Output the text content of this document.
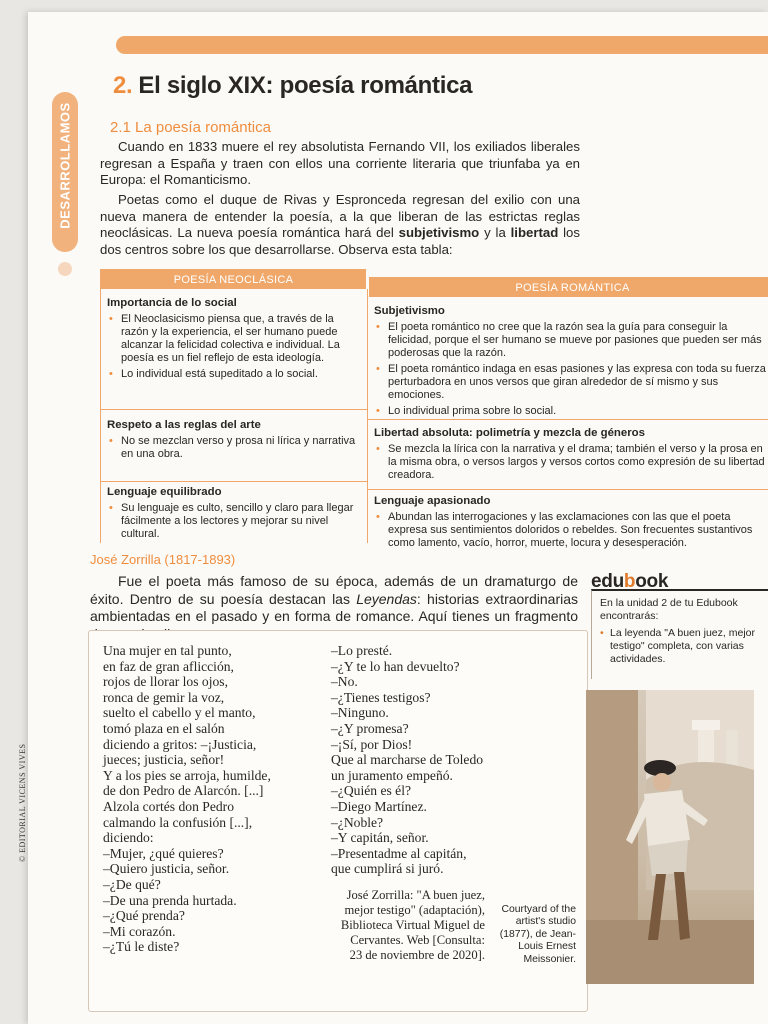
DESARROLLAMOS
2. El siglo XIX: poesía romántica
2.1 La poesía romántica
Cuando en 1833 muere el rey absolutista Fernando VII, los exiliados liberales regresan a España y traen con ellos una corriente literaria que triunfaba ya en Europa: el Romanticismo.
Poetas como el duque de Rivas y Espronceda regresan del exilio con una nueva manera de entender la poesía, a la que liberan de las estrictas reglas neoclásicas. La nueva poesía romántica hará del subjetivismo y la libertad los dos centros sobre los que desarrollarse. Observa esta tabla:
POESÍA NEOCLÁSICA
POESÍA ROMÁNTICA
Importancia de lo social
• El Neoclasicismo piensa que, a través de la razón y la experiencia, el ser humano puede alcanzar la felicidad colectiva e individual. La poesía es un fiel reflejo de esta ideología.
• Lo individual está supeditado a lo social.
Subjetivismo
• El poeta romántico no cree que la razón sea la guía para conseguir la felicidad, porque el ser humano se mueve por pasiones que pueden ser más poderosas que la razón.
• El poeta romántico indaga en esas pasiones y las expresa con toda su fuerza perturbadora en unos versos que giran alrededor de sí mismo y sus emociones.
• Lo individual prima sobre lo social.
Respeto a las reglas del arte
• No se mezclan verso y prosa ni lírica y narrativa en una obra.
Libertad absoluta: polimetría y mezcla de géneros
• Se mezcla la lírica con la narrativa y el drama; también el verso y la prosa en la misma obra, o versos largos y versos cortos como expresión de su libertad creadora.
Lenguaje equilibrado
• Su lenguaje es culto, sencillo y claro para llegar fácilmente a los lectores y mejorar su nivel cultural.
Lenguaje apasionado
• Abundan las interrogaciones y las exclamaciones con las que el poeta expresa sus sentimientos doloridos o rebeldes. Son frecuentes sustantivos como lamento, vacío, horror, muerte, locura y desesperación.
José Zorrilla (1817-1893)
Fue el poeta más famoso de su época, además de un dramaturgo de éxito. Dentro de su poesía destacan las Leyendas: historias extraordinarias ambientadas en el pasado y en forma de romance. Aquí tienes un fragmento
Una mujer en tal punto,
en faz de gran aflicción,
rojos de llorar los ojos,
ronca de gemir la voz,
suelto el cabello y el manto,
tomó plaza en el salón
diciendo a gritos: –¡Justicia,
jueces; justicia, señor!
Y a los pies se arroja, humilde,
de don Pedro de Alarcón. [...]
Alzola cortés don Pedro
calmando la confusión [...],
diciendo:
–Mujer, ¿qué quieres?
–Quiero justicia, señor.
–¿De qué?
–De una prenda hurtada.
–¿Qué prenda?
–Mi corazón.
–¿Tú le diste?
–Lo presté.
–¿Y te lo han devuelto?
–No.
–¿Tienes testigos?
–Ninguno.
–¿Y promesa?
–¡Sí, por Dios!
Que al marcharse de Toledo
un juramento empeñó.
–¿Quién es él?
–Diego Martínez.
–¿Noble?
–Y capitán, señor.
–Presentadme al capitán,
que cumplirá si juró.
José Zorrilla: "A buen juez,
mejor testigo" (adaptación),
Biblioteca Virtual Miguel de
Cervantes. Web [Consulta:
23 de noviembre de 2020].
edubook

En la unidad 2 de tu Edubook encontrarás:

• La leyenda "A buen juez, mejor testigo" completa, con varias actividades.
Courtyard of the artist's studio (1877), de Jean-Louis Ernest Meissonier.
© EDITORIAL VICENS VIVES
